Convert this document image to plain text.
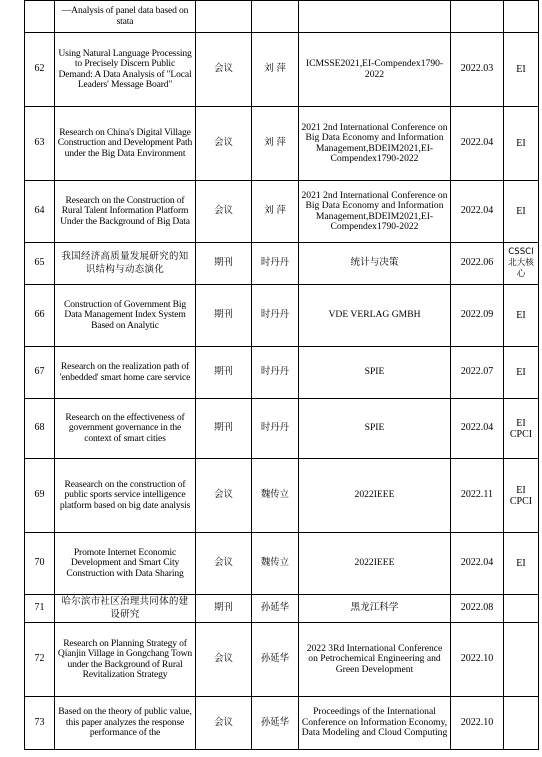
	—Analysis of panel data based on stata					
62	Using Natural Language Processing to Precisely Discern Public Demand: A Data Analysis of "Local Leaders' Message Board"	会议	刘 萍	ICMSSE2021,EI-Compendex1790-2022	2022.03	EI
63	Research on China's Digital Village Construction and Development Path under the Big Data Environment	会议	刘 萍	2021 2nd International Conference on Big Data Economy and Information Management,BDEIM2021,EI-Compendex1790-2022	2022.04	EI
64	Research on the Construction of Rural Talent Information Platform Under the Background of Big Data	会议	刘 萍	2021 2nd International Conference on Big Data Economy and Information Management,BDEIM2021,EI-Compendex1790-2022	2022.04	EI
65	我国经济高质量发展研究的知识结构与动态演化	期刊	时丹丹	统计与决策	2022.06	CSSCI 北大核心
66	Construction of Government Big Data Management Index System Based on Analytic	期刊	时丹丹	VDE VERLAG GMBH	2022.09	EI
67	Research on the realization path of 'enbedded' smart home care service	期刊	时丹丹	SPIE	2022.07	EI
68	Research on the effectiveness of government governance in the context of smart cities	期刊	时丹丹	SPIE	2022.04	EI CPCI
69	Reasearch on the construction of public sports service intelligence platform based on big date analysis	会议	魏传立	2022IEEE	2022.11	EI CPCI
70	Promote Internet Economic Development and Smart City Construction with Data Sharing	会议	魏传立	2022IEEE	2022.04	EI
71	哈尔滨市社区治理共同体的建设研究	期刊	孙延华	黑龙江科学	2022.08	
72	Research on Planning Strategy of Qianjin Village in Gongchang Town under the Background of Rural Revitalization Strategy	会议	孙延华	2022 3Rd International Conference on Petrochemical Engineering and Green Development	2022.10	
73	Based on the theory of public value, this paper analyzes the response performance of the	会议	孙延华	Proceedings of the International Conference on Information Economy, Data Modeling and Cloud Computing	2022.10	
